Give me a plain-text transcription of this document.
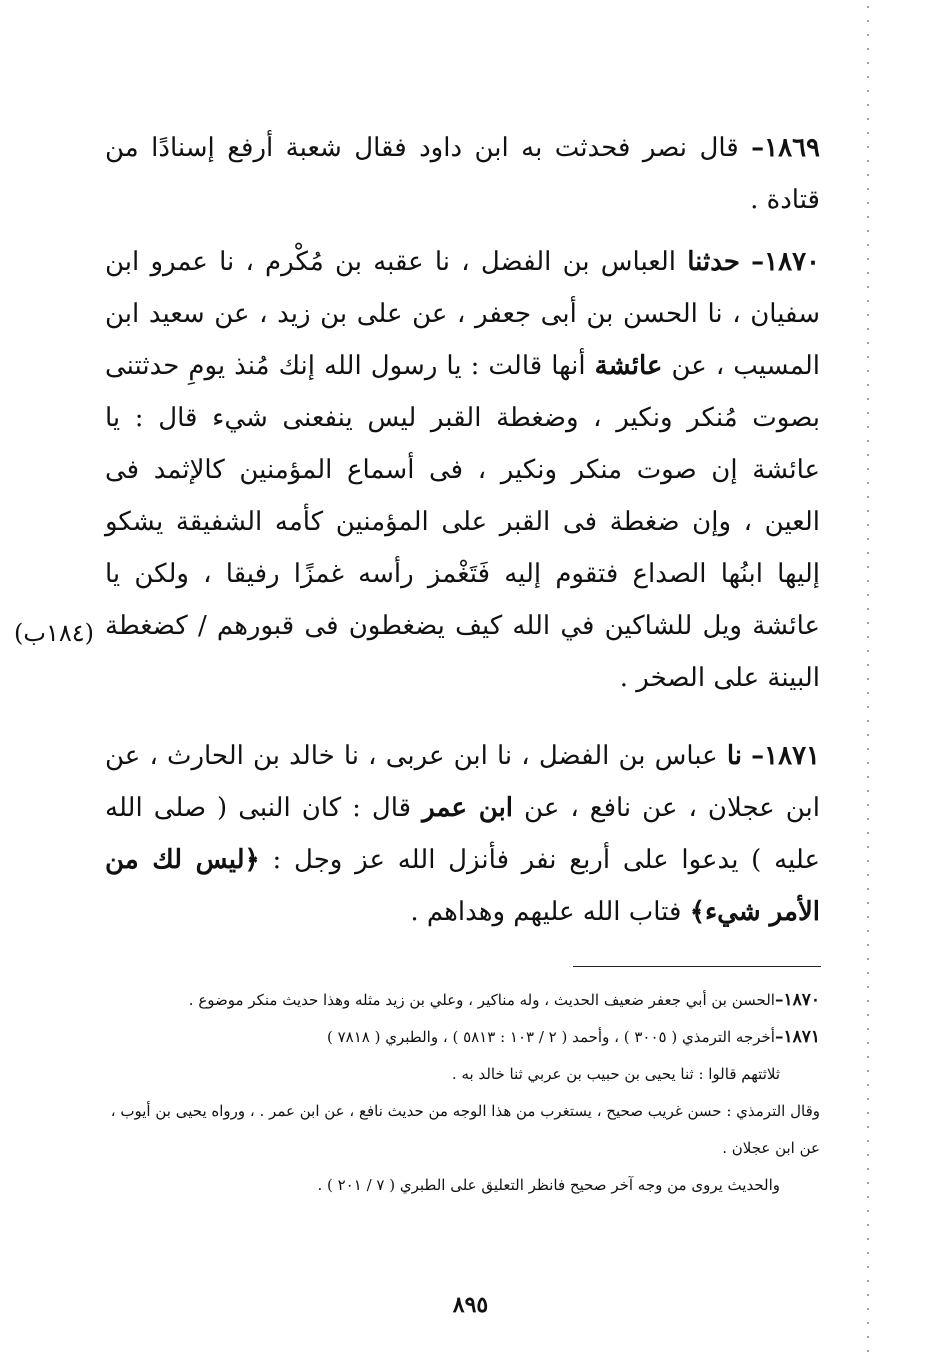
١٨٦٩– قال نصر فحدثت به ابن داود فقال شعبة أرفع إسنادًا من قتادة .

١٨٧٠– حدثنا العباس بن الفضل ، نا عقبه بن مُكْرم ، نا عمرو ابن سفيان ، نا الحسن بن أبى جعفر ، عن على بن زيد ، عن سعيد ابن المسيب ، عن عائشة أنها قالت : يا رسول الله إنك مُنذ يومِ حدثتنى بصوت مُنكر ونكير ، وضغطة القبر ليس ينفعنى شيء قال : يا عائشة إن صوت منكر ونكير ، فى أسماع المؤمنين كالإثمد فى العين ، وإن ضغطة فى القبر على المؤمنين كأمه الشفيقة يشكو إليها ابنُها الصداع فتقوم إليه فَتَغْمز رأسه غمزًا رفيقا ، ولكن يا عائشة ويل للشاكين في الله كيف يضغطون فى قبورهم / كضغطة البينة على الصخر .

(١٨٤ب)

١٨٧١– نا عباس بن الفضل ، نا ابن عربى ، نا خالد بن الحارث ، عن ابن عجلان ، عن نافع ، عن ابن عمر قال : كان النبى ( صلى الله عليه ) يدعوا على أربع نفر فأنزل الله عز وجل : ﴿ليس لك من الأمر شيء﴾ فتاب الله عليهم وهداهم .

١٨٧٠–الحسن بن أبي جعفر ضعيف الحديث ، وله مناكير ، وعلي بن زيد مثله وهذا حديث منكر موضوع .

١٨٧١–أخرجه الترمذي ( ٣٠٠٥ ) ، وأحمد ( ٢ / ١٠٣ : ٥٨١٣ ) ، والطبري ( ٧٨١٨ )

ثلاثتهم قالوا : ثنا يحيى بن حبيب بن عربي ثنا خالد به .

وقال الترمذي : حسن غريب صحيح ، يستغرب من هذا الوجه من حديث نافع ، عن ابن عمر . ، ورواه يحيى بن أيوب ، عن ابن عجلان .

والحديث يروى من وجه آخر صحيح فانظر التعليق على الطبري ( ٧ / ٢٠١ ) .

٨٩٥
